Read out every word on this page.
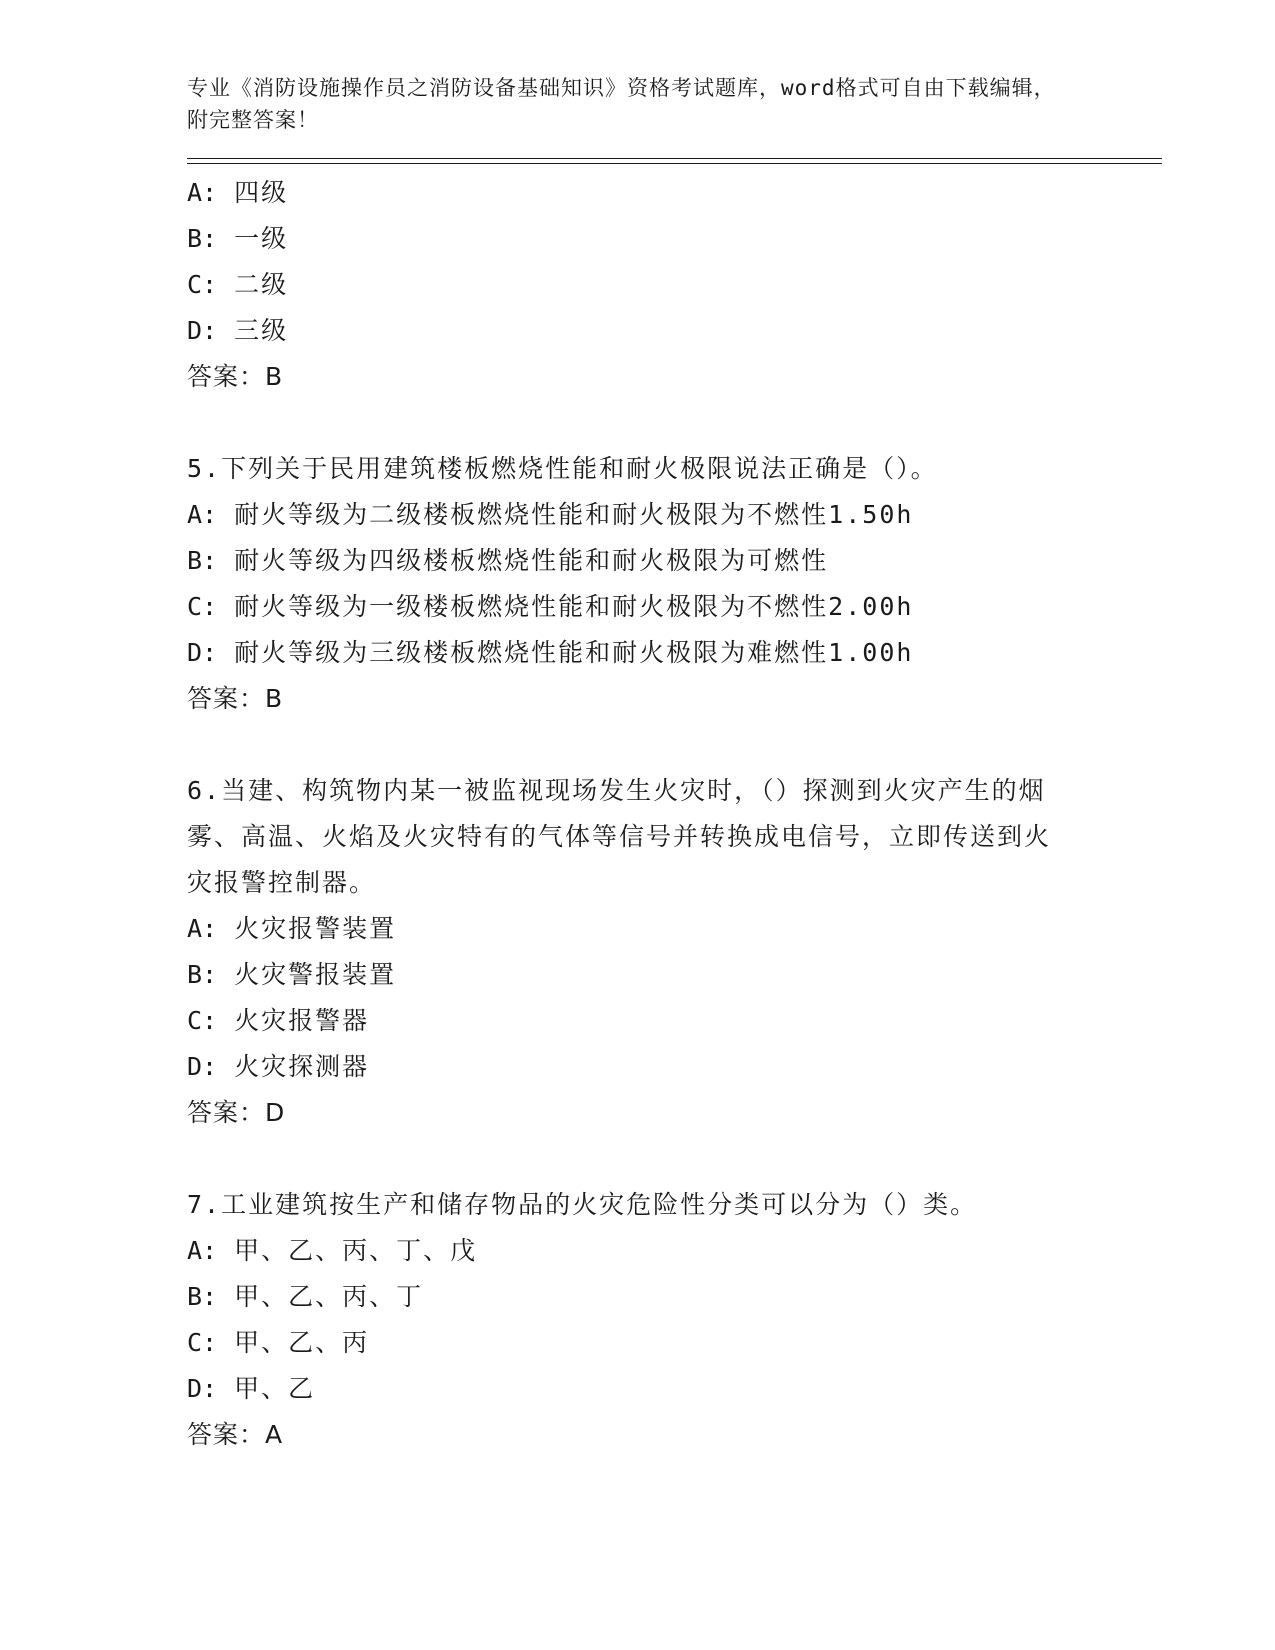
专业《消防设施操作员之消防设备基础知识》资格考试题库，word格式可自由下载编辑，附完整答案！

A: 四级

B: 一级

C: 二级

D: 三级

答案：B

5.下列关于民用建筑楼板燃烧性能和耐火极限说法正确是（）。

A: 耐火等级为二级楼板燃烧性能和耐火极限为不燃性1.50h

B: 耐火等级为四级楼板燃烧性能和耐火极限为可燃性

C: 耐火等级为一级楼板燃烧性能和耐火极限为不燃性2.00h

D: 耐火等级为三级楼板燃烧性能和耐火极限为难燃性1.00h

答案：B

6.当建、构筑物内某一被监视现场发生火灾时，（）探测到火灾产生的烟雾、高温、火焰及火灾特有的气体等信号并转换成电信号，立即传送到火灾报警控制器。

A: 火灾报警装置

B: 火灾警报装置

C: 火灾报警器

D: 火灾探测器

答案：D

7.工业建筑按生产和储存物品的火灾危险性分类可以分为（）类。

A: 甲、乙、丙、丁、戊

B: 甲、乙、丙、丁

C: 甲、乙、丙

D: 甲、乙

答案：A
